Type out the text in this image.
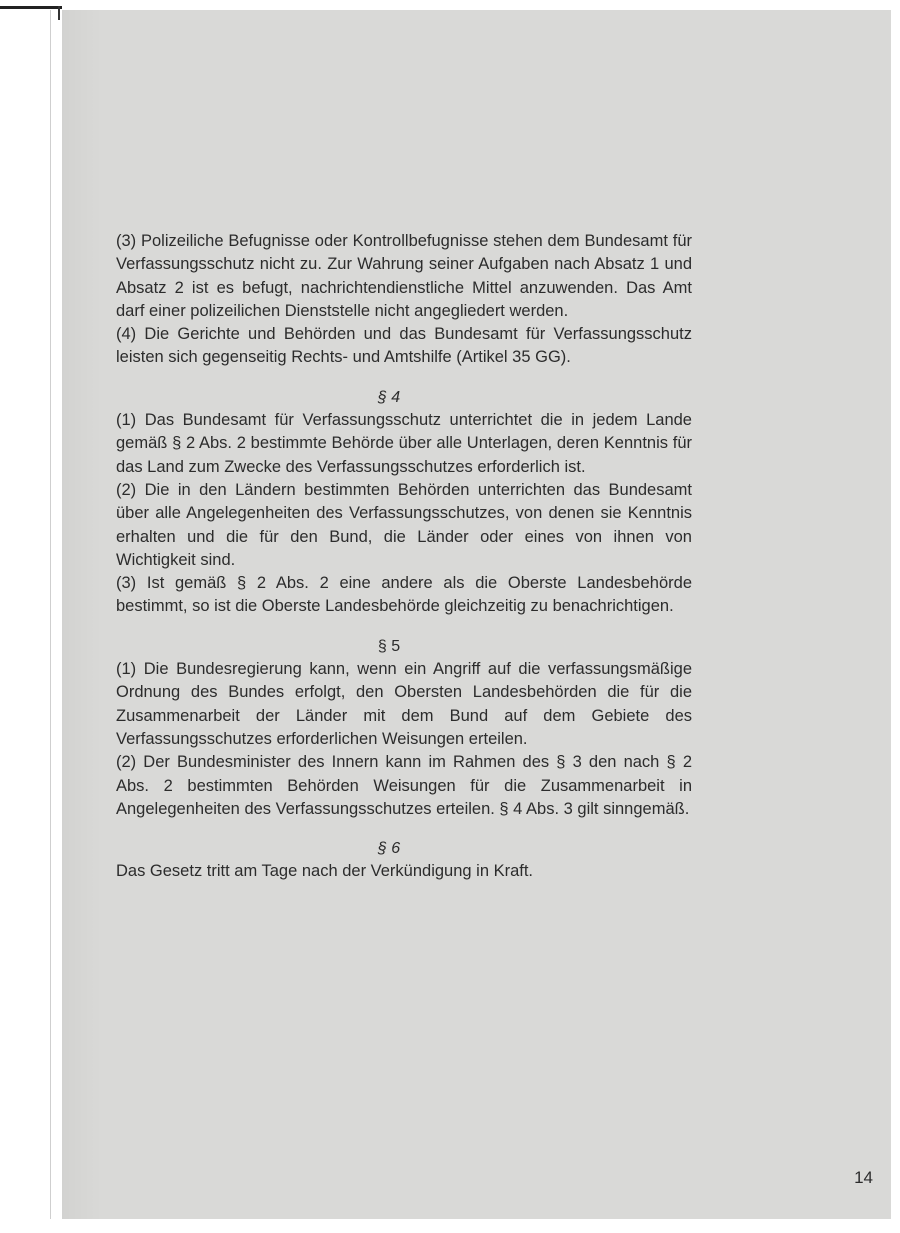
(3) Polizeiliche Befugnisse oder Kontrollbefugnisse stehen dem Bundesamt für Verfassungsschutz nicht zu. Zur Wahrung seiner Aufgaben nach Absatz 1 und Absatz 2 ist es befugt, nachrichtendienstliche Mittel anzuwenden. Das Amt darf einer polizeilichen Dienststelle nicht angegliedert werden.

(4) Die Gerichte und Behörden und das Bundesamt für Verfassungsschutz leisten sich gegenseitig Rechts- und Amtshilfe (Artikel 35 GG).

§ 4

(1) Das Bundesamt für Verfassungsschutz unterrichtet die in jedem Lande gemäß § 2 Abs. 2 bestimmte Behörde über alle Unterlagen, deren Kenntnis für das Land zum Zwecke des Verfassungsschutzes erforderlich ist.

(2) Die in den Ländern bestimmten Behörden unterrichten das Bundesamt über alle Angelegenheiten des Verfassungsschutzes, von denen sie Kenntnis erhalten und die für den Bund, die Länder oder eines von ihnen von Wichtigkeit sind.

(3) Ist gemäß § 2 Abs. 2 eine andere als die Oberste Landesbehörde bestimmt, so ist die Oberste Landesbehörde gleichzeitig zu benachrichtigen.

§ 5

(1) Die Bundesregierung kann, wenn ein Angriff auf die verfassungsmäßige Ordnung des Bundes erfolgt, den Obersten Landesbehörden die für die Zusammenarbeit der Länder mit dem Bund auf dem Gebiete des Verfassungsschutzes erforderlichen Weisungen erteilen.

(2) Der Bundesminister des Innern kann im Rahmen des § 3 den nach § 2 Abs. 2 bestimmten Behörden Weisungen für die Zusammenarbeit in Angelegenheiten des Verfassungsschutzes erteilen. § 4 Abs. 3 gilt sinngemäß.

§ 6

Das Gesetz tritt am Tage nach der Verkündigung in Kraft.

14
